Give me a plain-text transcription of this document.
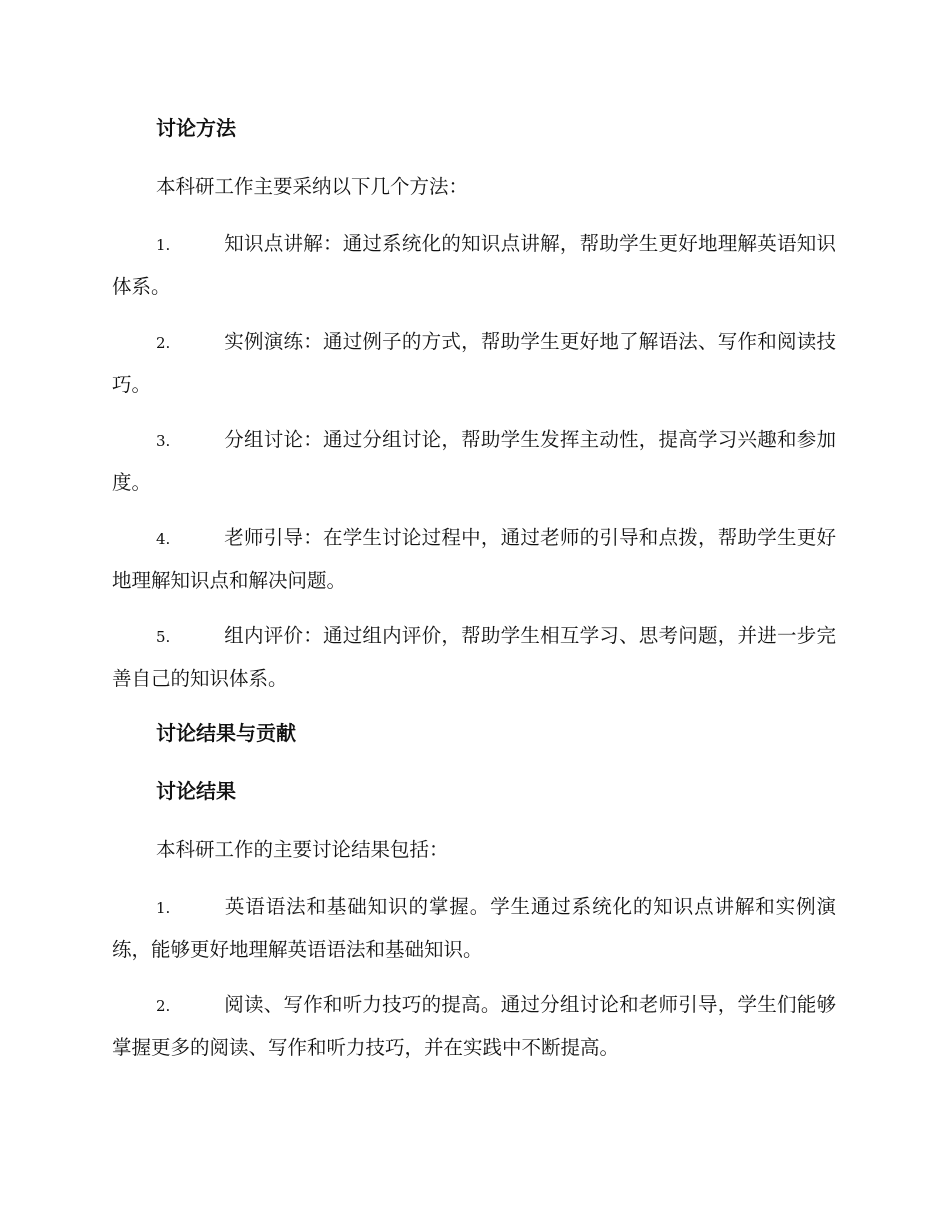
讨论方法
本科研工作主要采纳以下几个方法：
1.	知识点讲解：通过系统化的知识点讲解，帮助学生更好地理解英语知识体系。
2.	实例演练：通过例子的方式，帮助学生更好地了解语法、写作和阅读技巧。
3.	分组讨论：通过分组讨论，帮助学生发挥主动性，提高学习兴趣和参加度。
4.	老师引导：在学生讨论过程中，通过老师的引导和点拨，帮助学生更好地理解知识点和解决问题。
5.	组内评价：通过组内评价，帮助学生相互学习、思考问题，并进一步完善自己的知识体系。
讨论结果与贡献
讨论结果
本科研工作的主要讨论结果包括：
1.	英语语法和基础知识的掌握。学生通过系统化的知识点讲解和实例演练，能够更好地理解英语语法和基础知识。
2.	阅读、写作和听力技巧的提高。通过分组讨论和老师引导，学生们能够掌握更多的阅读、写作和听力技巧，并在实践中不断提高。
